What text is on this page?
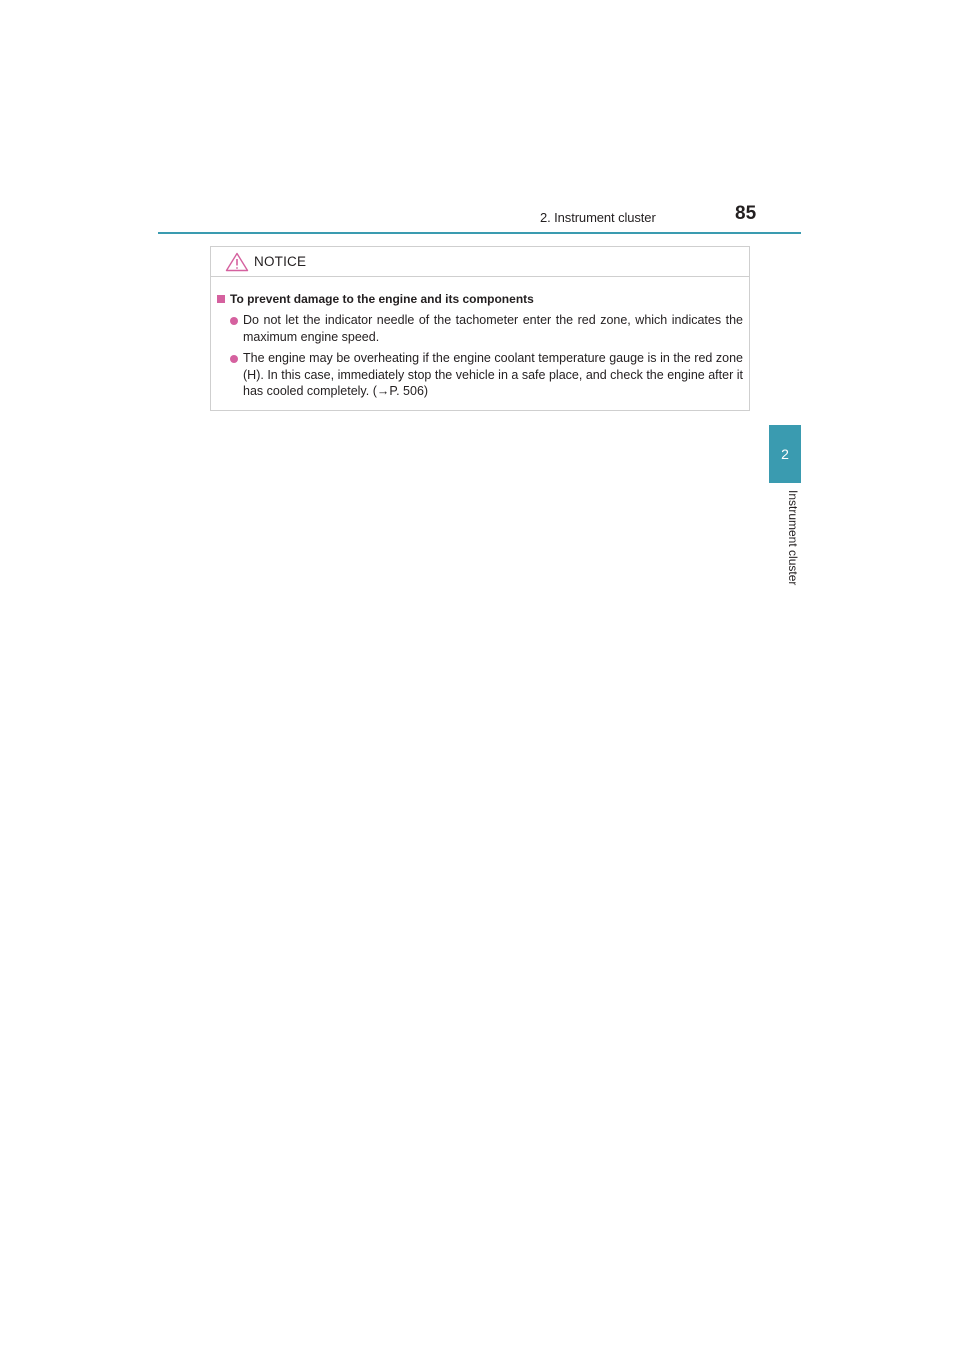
2. Instrument cluster	85
2
Instrument cluster
NOTICE
To prevent damage to the engine and its components
Do not let the indicator needle of the tachometer enter the red zone, which indicates the maximum engine speed.
The engine may be overheating if the engine coolant temperature gauge is in the red zone (H). In this case, immediately stop the vehicle in a safe place, and check the engine after it has cooled completely. (→P. 506)
